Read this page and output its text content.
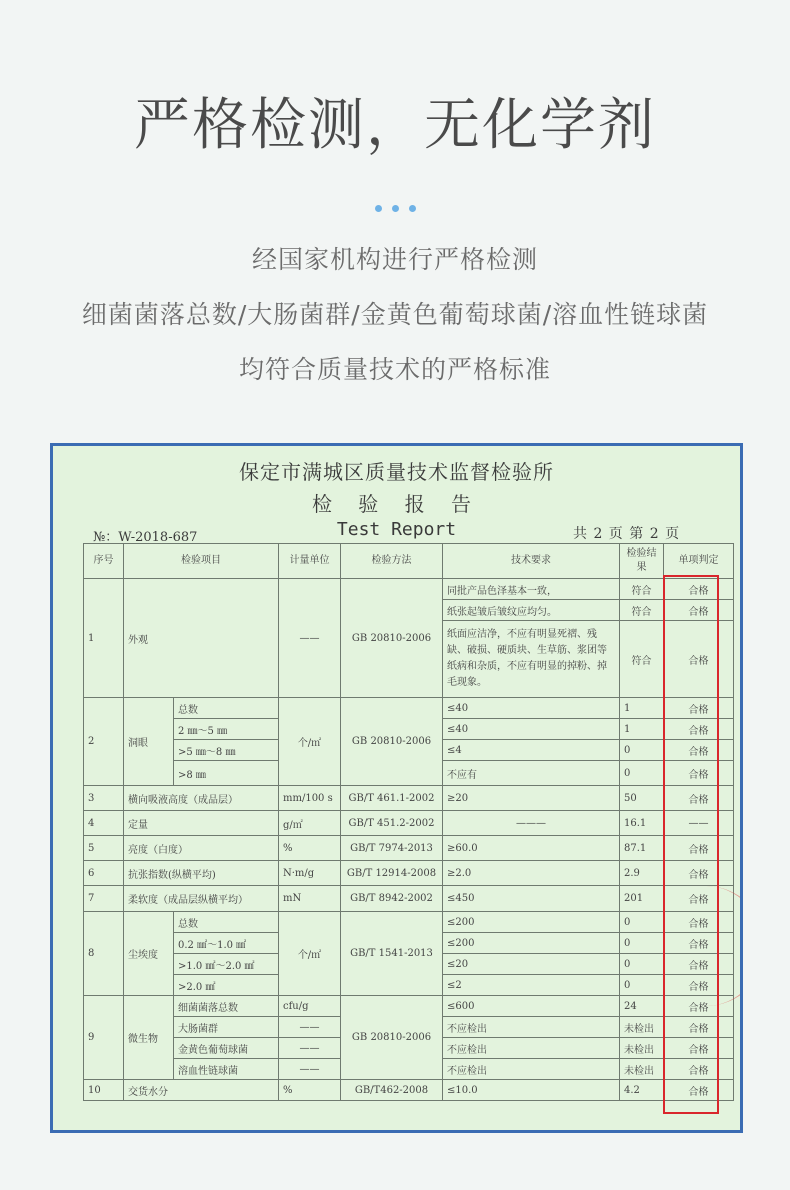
严格检测，无化学剂
经国家机构进行严格检测
细菌菌落总数/大肠菌群/金黄色葡萄球菌/溶血性链球菌
均符合质量技术的严格标准
保定市满城区质量技术监督检验所
检 验 报 告
Test Report
№：W-2018-687	共 2 页 第 2 页
序号	检验项目		计量单位	检验方法	技术要求	检验结果	单项判定
1	外观		——	GB 20810-2006	同批产品色泽基本一致，	符合	合格
					纸张起皱后皱纹应均匀。	符合	合格
					纸面应洁净，不应有明显死褶、残缺、破损、硬质块、生草筋、浆团等纸病和杂质，不应有明显的掉粉、掉毛现象。	符合	合格
2	洞眼	总数	个/㎡	GB 20810-2006	≤40	1	合格
		2 ㎜～5 ㎜			≤40	1	合格
		>5 ㎜～8 ㎜			≤4	0	合格
		>8 ㎜			不应有	0	合格
3	横向吸液高度（成品层）		mm/100 s	GB/T 461.1-2002	≥20	50	合格
4	定量		g/㎡	GB/T 451.2-2002	———	16.1	——
5	亮度（白度）		%	GB/T 7974-2013	≥60.0	87.1	合格
6	抗张指数(纵横平均)		N·m/g	GB/T 12914-2008	≥2.0	2.9	合格
7	柔软度（成品层纵横平均）		mN	GB/T 8942-2002	≤450	201	合格
8	尘埃度	总数	个/㎡	GB/T 1541-2013	≤200	0	合格
		0.2 ㎟～1.0 ㎟			≤200	0	合格
		>1.0 ㎟～2.0 ㎟			≤20	0	合格
		>2.0 ㎟			≤2	0	合格
9	微生物	细菌菌落总数	cfu/g	GB 20810-2006	≤600	24	合格
		大肠菌群	——		不应检出	未检出	合格
		金黄色葡萄球菌	——		不应检出	未检出	合格
		溶血性链球菌	——		不应检出	未检出	合格
10	交货水分		%	GB/T462-2008	≤10.0	4.2	合格
